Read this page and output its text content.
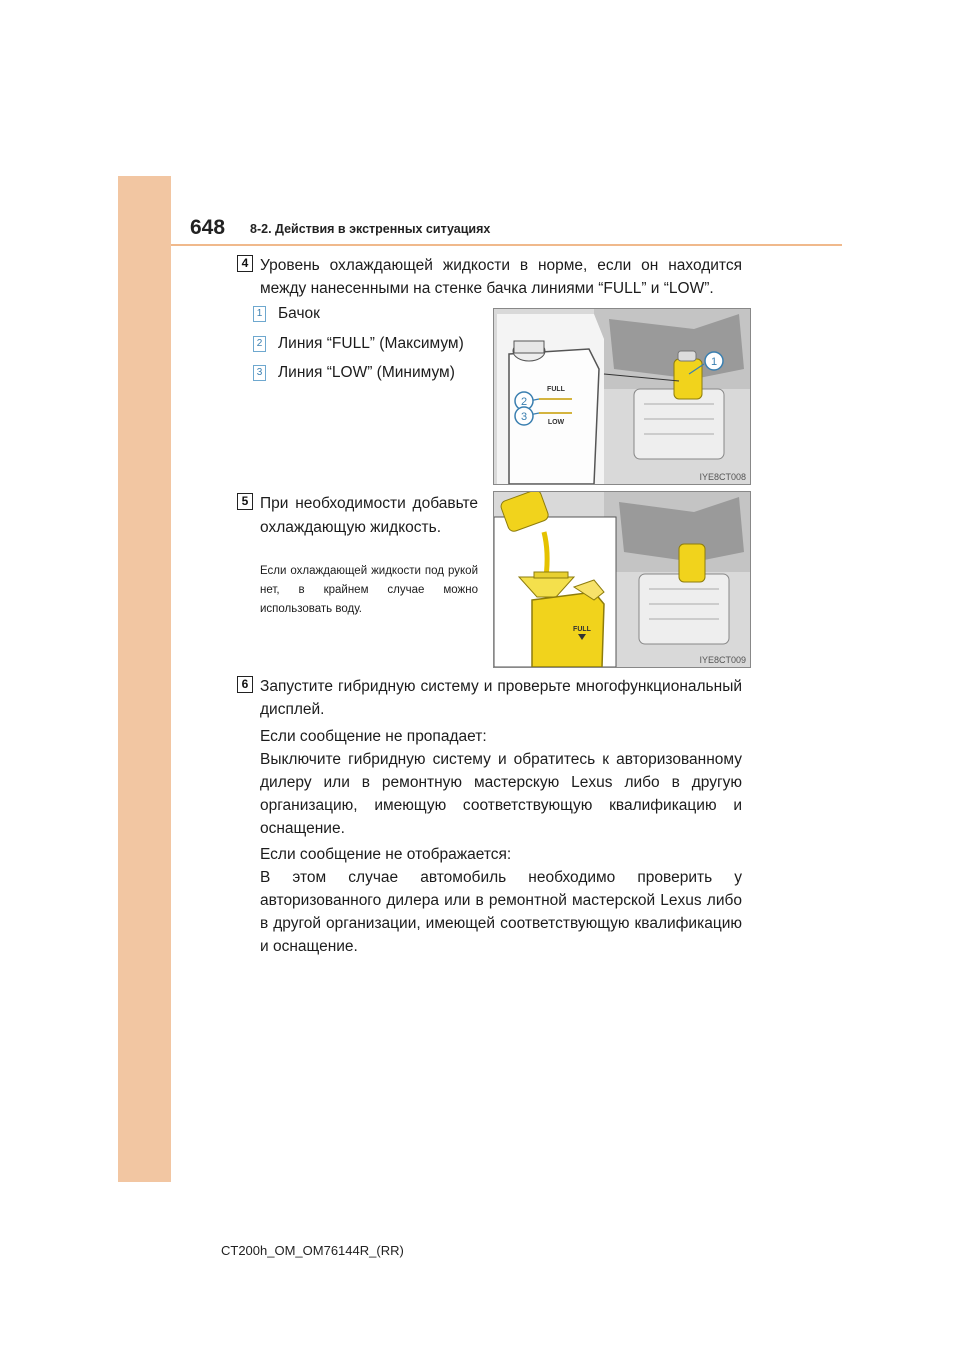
648 8-2. Действия в экстренных ситуациях
4 Уровень охлаждающей жидкости в норме, если он находится между нанесенными на стенке бачка линиями “FULL” и “LOW”.
1 Бачок
2 Линия “FULL” (Максимум)
3 Линия “LOW” (Минимум)
FULL
LOW
1
2
3
IYE8CT008
5 При необходимости добавьте охлаждающую жидкость.
Если охлаждающей жидкости под рукой нет, в крайнем случае можно использовать воду.
FULL
IYE8CT009
6 Запустите гибридную систему и проверьте многофункциональный дисплей.
Если сообщение не пропадает:
Выключите гибридную систему и обратитесь к авторизованному дилеру или в ремонтную мастерскую Lexus либо в другую организацию, имеющую соответствующую квалификацию и оснащение.
Если сообщение не отображается:
В этом случае автомобиль необходимо проверить у авторизованного дилера или в ремонтной мастерской Lexus либо в другой организации, имеющей соответствующую квалификацию и оснащение.
CT200h_OM_OM76144R_(RR)
